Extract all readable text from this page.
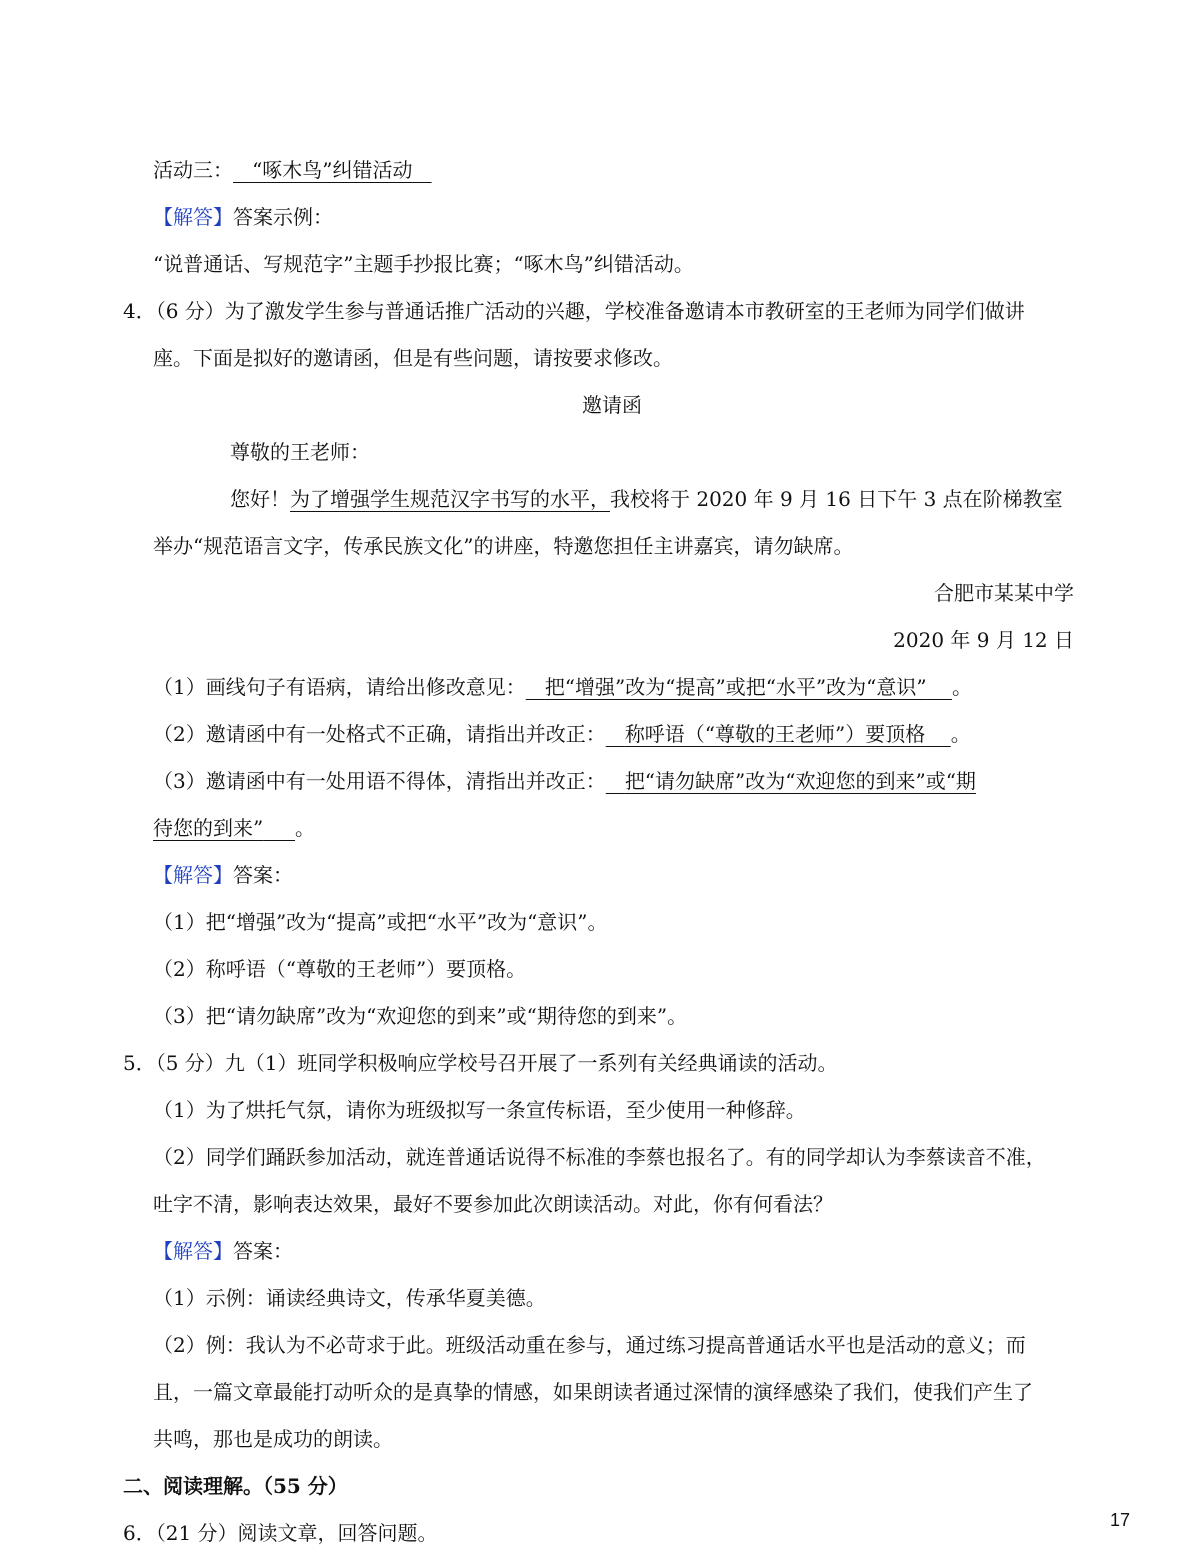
活动三： “啄木鸟”纠错活动
【解答】答案示例：
“说普通话、写规范字”主题手抄报比赛；“啄木鸟”纠错活动。
4．（6 分）为了激发学生参与普通话推广活动的兴趣，学校准备邀请本市教研室的王老师为同学们做讲
座。下面是拟好的邀请函，但是有些问题，请按要求修改。
邀请函
尊敬的王老师：
您好！为了增强学生规范汉字书写的水平，我校将于 2020 年 9 月 16 日下午 3 点在阶梯教室
举办“规范语言文字，传承民族文化”的讲座，特邀您担任主讲嘉宾，请勿缺席。
合肥市某某中学
2020 年 9 月 12 日
（1）画线句子有语病，请给出修改意见： 把“增强”改为“提高”或把“水平”改为“意识” 。
（2）邀请函中有一处格式不正确，请指出并改正： 称呼语（“尊敬的王老师”）要顶格 。
（3）邀请函中有一处用语不得体，清指出并改正： 把“请勿缺席”改为“欢迎您的到来”或“期
待您的到来” 。
【解答】答案：
（1）把“增强”改为“提高”或把“水平”改为“意识”。
（2）称呼语（“尊敬的王老师”）要顶格。
（3）把“请勿缺席”改为“欢迎您的到来”或“期待您的到来”。
5．（5 分）九（1）班同学积极响应学校号召开展了一系列有关经典诵读的活动。
（1）为了烘托气氛，请你为班级拟写一条宣传标语，至少使用一种修辞。
（2）同学们踊跃参加活动，就连普通话说得不标准的李蔡也报名了。有的同学却认为李蔡读音不准，
吐字不清，影响表达效果，最好不要参加此次朗读活动。对此，你有何看法？
【解答】答案：
（1）示例：诵读经典诗文，传承华夏美德。
（2）例：我认为不必苛求于此。班级活动重在参与，通过练习提高普通话水平也是活动的意义；而
且，一篇文章最能打动听众的是真挚的情感，如果朗读者通过深情的演绎感染了我们，使我们产生了
共鸣，那也是成功的朗读。
二、阅读理解。（55 分）
6．（21 分）阅读文章，回答问题。
17
